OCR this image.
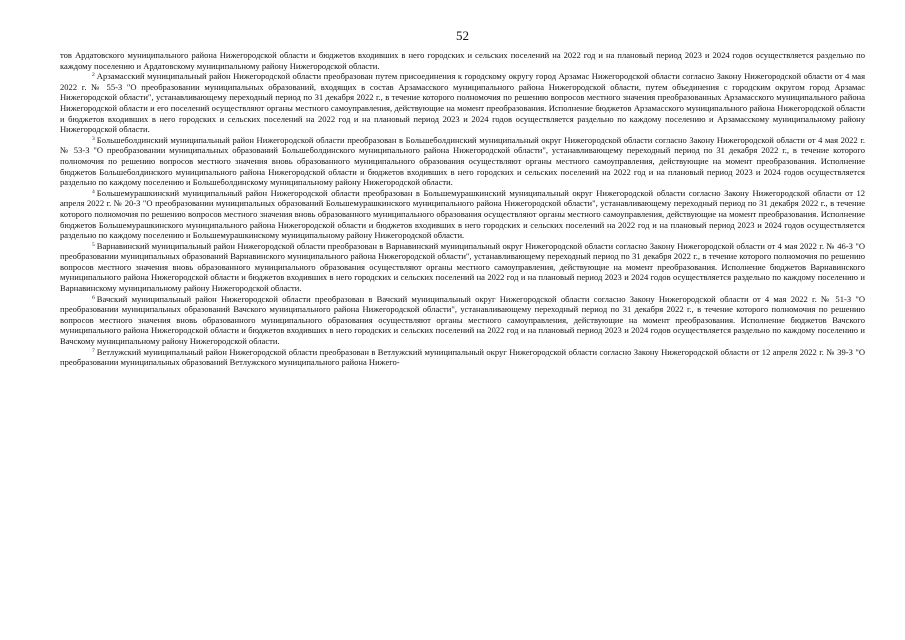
52

тов Ардатовского муниципального района Нижегородской области и бюджетов входивших в него городских и сельских поселений на 2022 год и на плановый период 2023 и 2024 годов осуществляется раздельно по каждому поселению и Ардатовскому муниципальному району Нижегородской области.

$^2$ Арзамасский муниципальный район Нижегородской области преобразован путем присоединения к городскому округу город Арзамас Нижегородской области согласно Закону Нижегородской области от 4 мая 2022 г. № 55-З "О преобразовании муниципальных образований, входящих в состав Арзамасского муниципального района Нижегородской области, путем объединения с городским округом город Арзамас Нижегородской области", устанавливающему переходный период по 31 декабря 2022 г., в течение которого полномочия по решению вопросов местного значения преобразованных Арзамасского муниципального района Нижегородской области и его поселений осуществляют органы местного самоуправления, действующие на момент преобразования. Исполнение бюджетов Арзамасского муниципального района Нижегородской области и бюджетов входивших в него городских и сельских поселений на 2022 год и на плановый период 2023 и 2024 годов осуществляется раздельно по каждому поселению и Арзамасскому муниципальному району Нижегородской области.

$^3$ Большеболдинский муниципальный район Нижегородской области преобразован в Большеболдинский муниципальный округ Нижегородской области согласно Закону Нижегородской области от 4 мая 2022 г. № 53-З "О преобразовании муниципальных образований Большеболдинского муниципального района Нижегородской области", устанавливающему переходный период по 31 декабря 2022 г., в течение которого полномочия по решению вопросов местного значения вновь образованного муниципального образования осуществляют органы местного самоуправления, действующие на момент преобразования. Исполнение бюджетов Большеболдинского муниципального района Нижегородской области и бюджетов входивших в него городских и сельских поселений на 2022 год и на плановый период 2023 и 2024 годов осуществляется раздельно по каждому поселению и Большеболдинскому муниципальному району Нижегородской области.

$^4$ Большемурашкинский муниципальный район Нижегородской области преобразован в Большемурашкинский муниципальный округ Нижегородской области согласно Закону Нижегородской области от 12 апреля 2022 г. № 20-З "О преобразовании муниципальных образований Большемурашкинского муниципального района Нижегородской области", устанавливающему переходный период по 31 декабря 2022 г., в течение которого полномочия по решению вопросов местного значения вновь образованного муниципального образования осуществляют органы местного самоуправления, действующие на момент преобразования. Исполнение бюджетов Большемурашкинского муниципального района Нижегородской области и бюджетов входивших в него городских и сельских поселений на 2022 год и на плановый период 2023 и 2024 годов осуществляется раздельно по каждому поселению и Большемурашкинскому муниципальному району Нижегородской области.

$^5$ Варнавинский муниципальный район Нижегородской области преобразован в Варнавинский муниципальный округ Нижегородской области согласно Закону Нижегородской области от 4 мая 2022 г. № 46-З "О преобразовании муниципальных образований Варнавинского муниципального района Нижегородской области", устанавливающему переходный период по 31 декабря 2022 г., в течение которого полномочия по решению вопросов местного значения вновь образованного муниципального образования осуществляют органы местного самоуправления, действующие на момент преобразования. Исполнение бюджетов Варнавинского муниципального района Нижегородской области и бюджетов входивших в него городских и сельских поселений на 2022 год и на плановый период 2023 и 2024 годов осуществляется раздельно по каждому поселению и Варнавинскому муниципальному району Нижегородской области.

$^6$ Вачский муниципальный район Нижегородской области преобразован в Вачский муниципальный округ Нижегородской области согласно Закону Нижегородской области от 4 мая 2022 г. № 51-З "О преобразовании муниципальных образований Вачского муниципального района Нижегородской области", устанавливающему переходный период по 31 декабря 2022 г., в течение которого полномочия по решению вопросов местного значения вновь образованного муниципального образования осуществляют органы местного самоуправления, действующие на момент преобразования. Исполнение бюджетов Вачского муниципального района Нижегородской области и бюджетов входивших в него городских и сельских поселений на 2022 год и на плановый период 2023 и 2024 годов осуществляется раздельно по каждому поселению и Вачскому муниципальному району Нижегородской области.

$^7$ Ветлужский муниципальный район Нижегородской области преобразован в Ветлужский муниципальный округ Нижегородской области согласно Закону Нижегородской области от 12 апреля 2022 г. № 39-З "О преобразовании муниципальных образований Ветлужского муниципального района Нижего-
